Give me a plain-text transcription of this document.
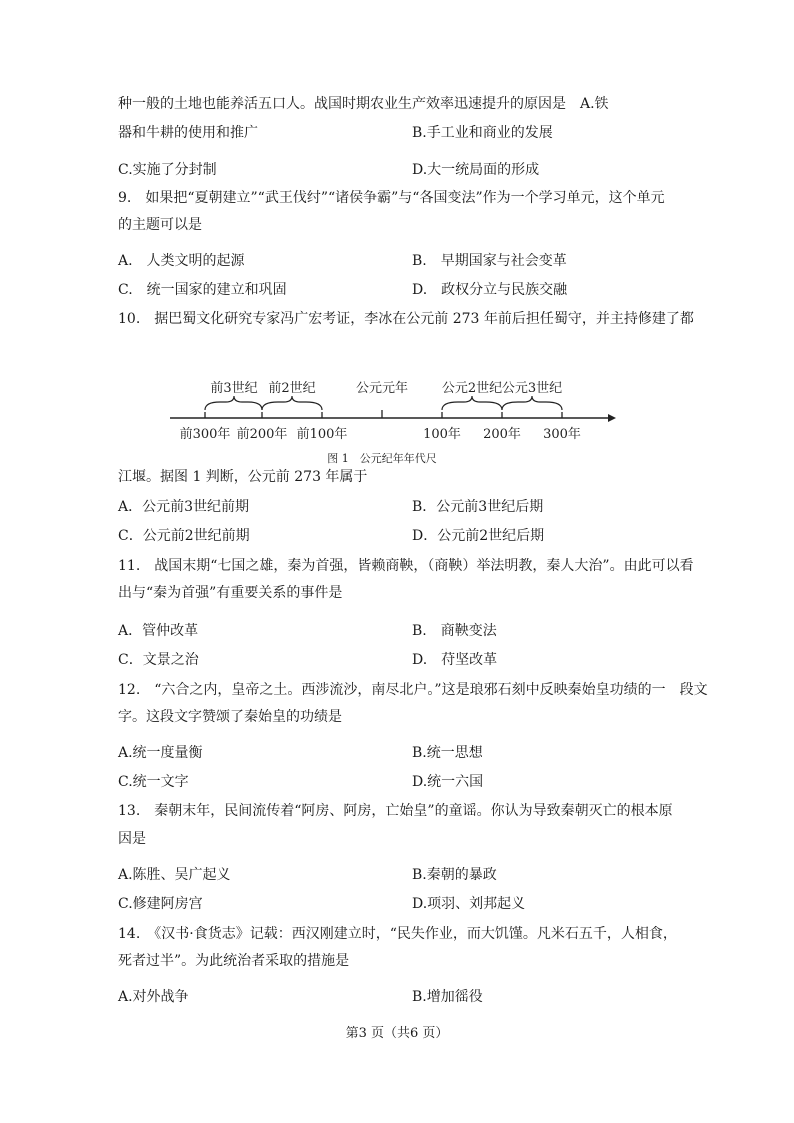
种一般的土地也能养活五口人。战国时期农业生产效率迅速提升的原因是　A.铁
器和牛耕的使用和推广	B.手工业和商业的发展
C.实施了分封制	D.大一统局面的形成
9.　如果把“夏朝建立”“武王伐纣”“诸侯争霸”与“各国变法”作为一个学习单元，这个单元
的主题可以是
A.　人类文明的起源	B.　早期国家与社会变革
C.　统一国家的建立和巩固	D.　政权分立与民族交融
10.　据巴蜀文化研究专家冯广宏考证，李冰在公元前 273 年前后担任蜀守，并主持修建了都
前3世纪 前2世纪	公元元年	公元2世纪 公元3世纪
前300年 前200年 前100年	100年 200年 300年
图 1　公元纪年年代尺
江堰。据图 1 判断，公元前 273 年属于
A．公元前3世纪前期	B．公元前3世纪后期
C．公元前2世纪前期	D．公元前2世纪后期
11.　战国末期“七国之雄，秦为首强，皆赖商鞅，（商鞅）举法明教，秦人大治”。由此可以看
出与“秦为首强”有重要关系的事件是
A．管仲改革	B.　商鞅变法
C．文景之治	D.　苻坚改革
12.　“六合之内，皇帝之土。西涉流沙，南尽北户。”这是琅邪石刻中反映秦始皇功绩的一　段文
字。这段文字赞颂了秦始皇的功绩是
A.统一度量衡	B.统一思想
C.统一文字	D.统一六国
13.　秦朝末年，民间流传着“阿房、阿房，亡始皇”的童谣。你认为导致秦朝灭亡的根本原
因是
A.陈胜、吴广起义	B.秦朝的暴政
C.修建阿房宫	D.项羽、刘邦起义
14.　《汉书·食货志》记载：西汉刚建立时，“民失作业，而大饥馑。凡米石五千，人相食，
死者过半”。为此统治者采取的措施是
A.对外战争	B.增加徭役
第3 页（共6 页）
